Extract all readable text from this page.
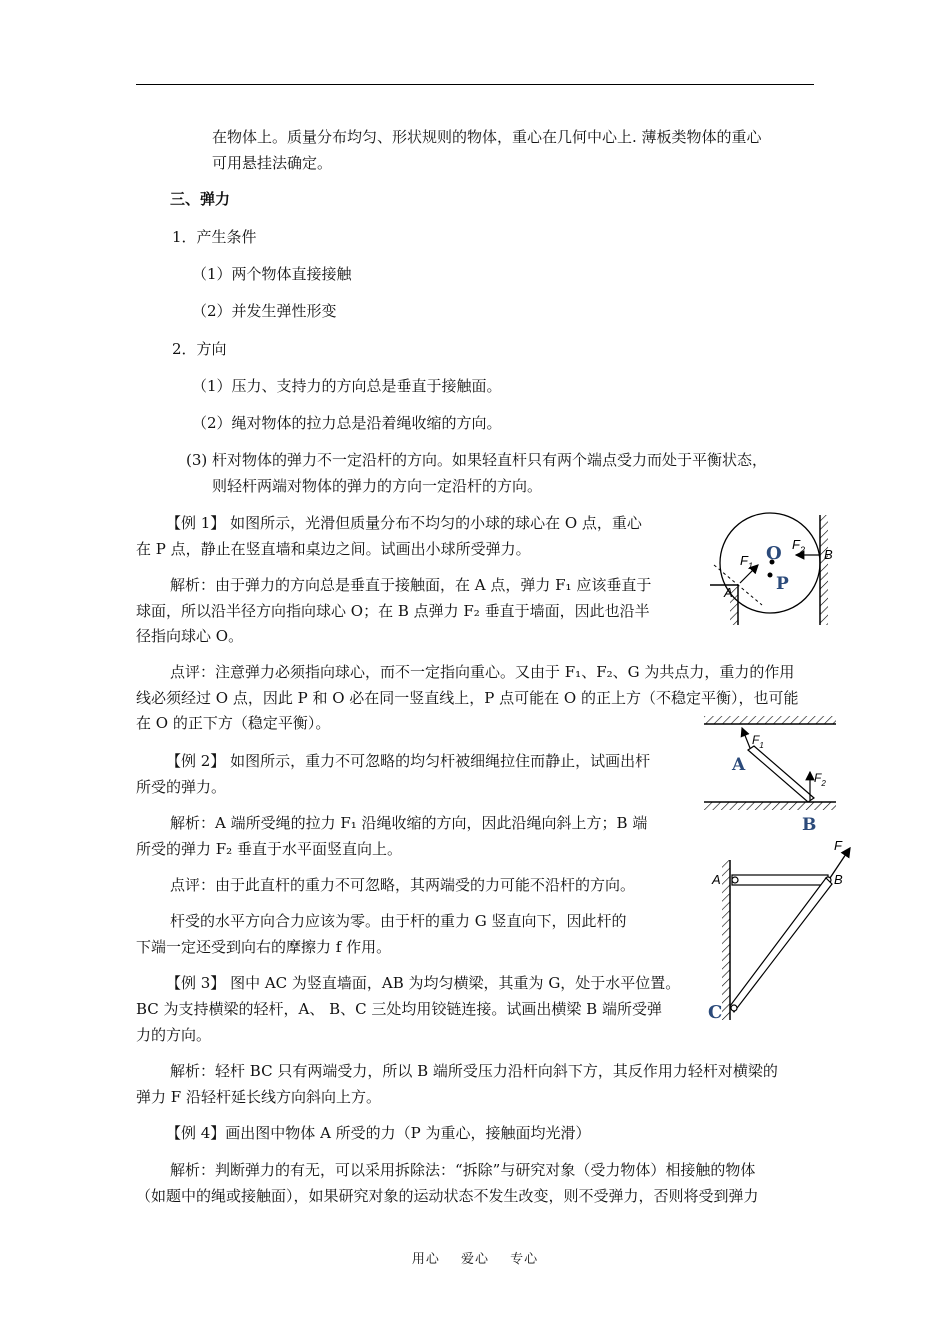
在物体上。质量分布均匀、形状规则的物体，重心在几何中心上. 薄板类物体的重心
可用悬挂法确定。
三、弹力
1．产生条件
（1）两个物体直接接触
（2）并发生弹性形变
2．方向
（1）压力、支持力的方向总是垂直于接触面。
（2）绳对物体的拉力总是沿着绳收缩的方向。
(3) 杆对物体的弹力不一定沿杆的方向。如果轻直杆只有两个端点受力而处于平衡状态，
则轻杆两端对物体的弹力的方向一定沿杆的方向。
【例 1】 如图所示，光滑但质量分布不均匀的小球的球心在 O 点，重心
在 P 点，静止在竖直墙和桌边之间。试画出小球所受弹力。
解析：由于弹力的方向总是垂直于接触面，在 A 点，弹力 F₁ 应该垂直于
球面，所以沿半径方向指向球心 O；在 B 点弹力 F₂ 垂直于墙面，因此也沿半
径指向球心 O。
点评：注意弹力必须指向球心，而不一定指向重心。又由于 F₁、F₂、G 为共点力，重力的作用
线必须经过 O 点，因此 P 和 O 必在同一竖直线上，P 点可能在 O 的正上方（不稳定平衡），也可能
在 O 的正下方（稳定平衡）。
【例 2】 如图所示，重力不可忽略的均匀杆被细绳拉住而静止，试画出杆
所受的弹力。
解析：A 端所受绳的拉力 F₁ 沿绳收缩的方向，因此沿绳向斜上方；B 端
所受的弹力 F₂ 垂直于水平面竖直向上。
点评：由于此直杆的重力不可忽略，其两端受的力可能不沿杆的方向。
杆受的水平方向合力应该为零。由于杆的重力 G 竖直向下，因此杆的
下端一定还受到向右的摩擦力 f 作用。
【例 3】 图中 AC 为竖直墙面，AB 为均匀横梁，其重为 G，处于水平位置。
BC 为支持横梁的轻杆，A、 B、C 三处均用铰链连接。试画出横梁 B 端所受弹
力的方向。
解析：轻杆 BC 只有两端受力，所以 B 端所受压力沿杆向斜下方，其反作用力轻杆对横梁的
弹力 F 沿轻杆延长线方向斜向上方。
【例 4】画出图中物体 A 所受的力（P 为重心，接触面均光滑）
解析：判断弹力的有无，可以采用拆除法：“拆除”与研究对象（受力物体）相接触的物体
（如题中的绳或接触面），如果研究对象的运动状态不发生改变，则不受弹力，否则将受到弹力
O
P
$F_1$
$F_2$
A
B
$F_1$
$F_2$
A
B
F
A	B
C
用心 爱心 专心
